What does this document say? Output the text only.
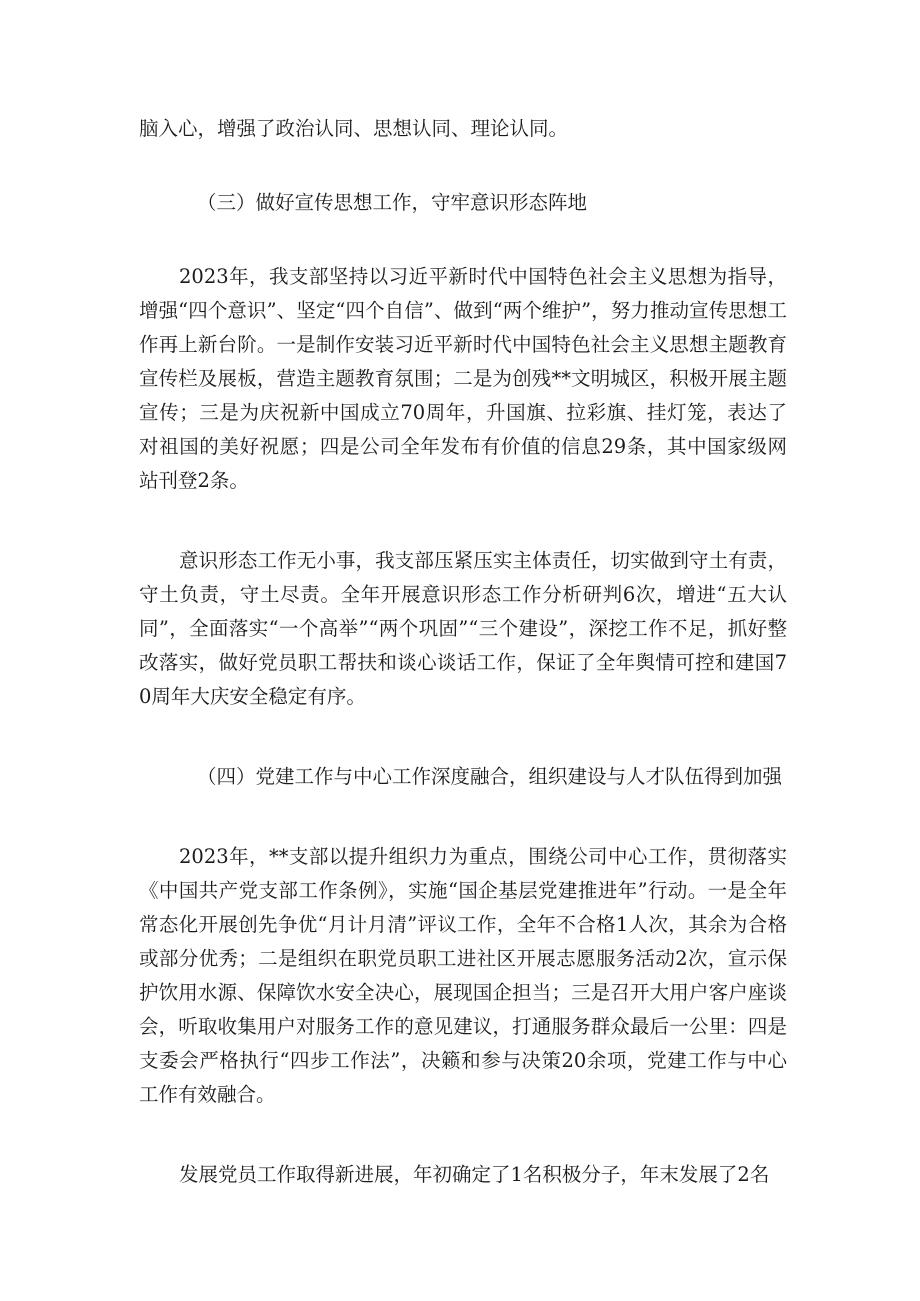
脑入心，增强了政治认同、思想认同、理论认同。

（三）做好宣传思想工作，守牢意识形态阵地

2023年，我支部坚持以习近平新时代中国特色社会主义思想为指导，增强“四个意识”、坚定“四个自信”、做到“两个维护”，努力推动宣传思想工作再上新台阶。一是制作安装习近平新时代中国特色社会主义思想主题教育宣传栏及展板，营造主题教育氛围；二是为创残**文明城区，积极开展主题宣传；三是为庆祝新中国成立70周年，升国旗、拉彩旗、挂灯笼，表达了对祖国的美好祝愿；四是公司全年发布有价值的信息29条，其中国家级网站刊登2条。

意识形态工作无小事，我支部压紧压实主体责任，切实做到守土有责，守土负责，守土尽责。全年开展意识形态工作分析研判6次，增进“五大认同”，全面落实“一个高举”“两个巩固”“三个建设”，深挖工作不足，抓好整改落实，做好党员职工帮扶和谈心谈话工作，保证了全年舆情可控和建国70周年大庆安全稳定有序。

（四）党建工作与中心工作深度融合，组织建设与人才队伍得到加强

2023年，**支部以提升组织力为重点，围绕公司中心工作，贯彻落实《中国共产党支部工作条例》，实施“国企基层党建推进年”行动。一是全年常态化开展创先争优“月计月清”评议工作，全年不合格1人次，其余为合格或部分优秀；二是组织在职党员职工进社区开展志愿服务活动2次，宣示保护饮用水源、保障饮水安全决心，展现国企担当；三是召开大用户客户座谈会，听取收集用户对服务工作的意见建议，打通服务群众最后一公里：四是支委会严格执行“四步工作法”，决籁和参与决策20余项，党建工作与中心工作有效融合。

发展党员工作取得新进展，年初确定了1名积极分子，年末发展了2名
